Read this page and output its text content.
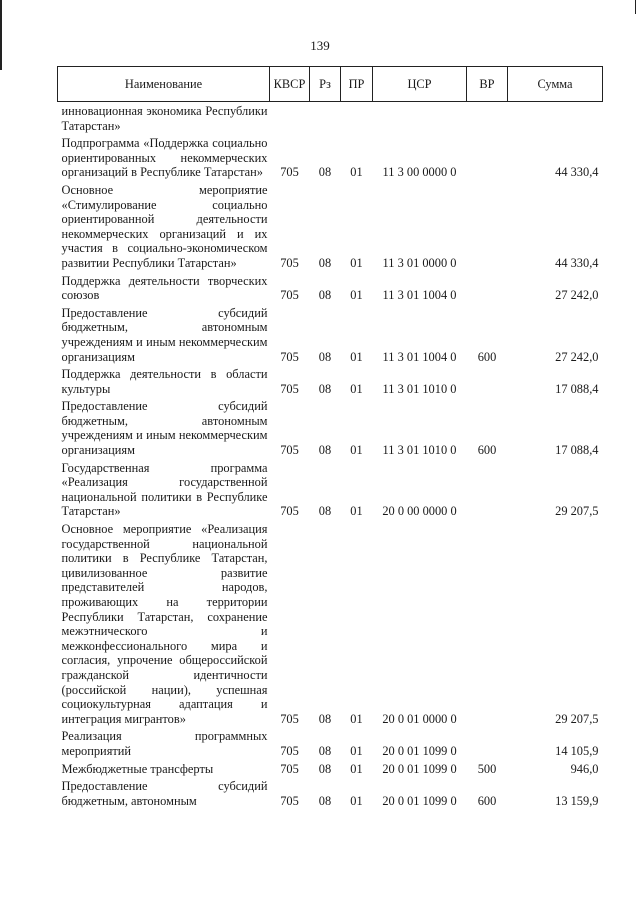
139
Наименование	КВСР	Рз	ПР	ЦСР	ВР	Сумма
инновационная экономика Республики Татарстан»						
Подпрограмма «Поддержка социально ориентированных некоммерческих организаций в Республике Татарстан»	705	08	01	11 3 00 0000 0		44 330,4
Основное мероприятие «Стимулирование социально ориентированной деятельности некоммерческих организаций и их участия в социально-экономическом развитии Республики Татарстан»	705	08	01	11 3 01 0000 0		44 330,4
Поддержка деятельности творческих союзов	705	08	01	11 3 01 1004 0		27 242,0
Предоставление субсидий бюджетным, автономным учреждениям и иным некоммерческим организациям	705	08	01	11 3 01 1004 0	600	27 242,0
Поддержка деятельности в области культуры	705	08	01	11 3 01 1010 0		17 088,4
Предоставление субсидий бюджетным, автономным учреждениям и иным некоммерческим организациям	705	08	01	11 3 01 1010 0	600	17 088,4
Государственная программа «Реализация государственной национальной политики в Республике Татарстан»	705	08	01	20 0 00 0000 0		29 207,5
Основное мероприятие «Реализация государственной национальной политики в Республике Татарстан, цивилизованное развитие представителей народов, проживающих на территории Республики Татарстан, сохранение межэтнического и межконфессионального мира и согласия, упрочение общероссийской гражданской идентичности (российской нации), успешная социокультурная адаптация и интеграция мигрантов»	705	08	01	20 0 01 0000 0		29 207,5
Реализация программных мероприятий	705	08	01	20 0 01 1099 0		14 105,9
Межбюджетные трансферты	705	08	01	20 0 01 1099 0	500	946,0
Предоставление субсидий бюджетным, автономным	705	08	01	20 0 01 1099 0	600	13 159,9
